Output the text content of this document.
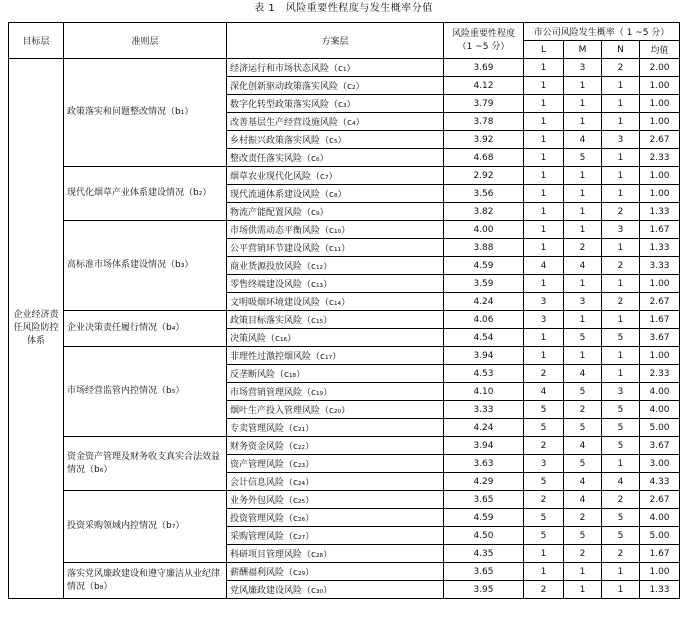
表 1　风险重要性程度与发生概率分值
目标层	准则层	方案层	风险重要性程度（1 ~5 分）	市公司风险发生概率（ 1 ~5 分）			
				L	M	N	均值
企业经济责任风险防控体系	政策落实和问题整改情况（b₁）	经济运行和市场状态风险（c₁）	3.69	1	3	2	2.00
		深化创新驱动政策落实风险（c₂）	4.12	1	1	1	1.00
		数字化转型政策落实风险（c₃）	3.79	1	1	1	1.00
		改善基层生产经营设施风险（c₄）	3.78	1	1	1	1.00
		乡村振兴政策落实风险（c₅）	3.92	1	4	3	2.67
		整改责任落实风险（c₆）	4.68	1	5	1	2.33
	现代化烟草产业体系建设情况（b₂）	烟草农业现代化风险（c₇）	2.92	1	1	1	1.00
		现代流通体系建设风险（c₈）	3.56	1	1	1	1.00
		物流产能配置风险（c₉）	3.82	1	1	2	1.33
	高标准市场体系建设情况（b₃）	市场供需动态平衡风险（c₁₀）	4.00	1	1	3	1.67
		公平营销环节建设风险（c₁₁）	3.88	1	2	1	1.33
		商业货源投放风险（c₁₂）	4.59	4	4	2	3.33
		零售终端建设风险（c₁₃）	3.59	1	1	1	1.00
		文明吸烟环境建设风险（c₁₄）	4.24	3	3	2	2.67
	企业决策责任履行情况（b₄）	政策目标落实风险（c₁₅）	4.06	3	1	1	1.67
		决策风险（c₁₆）	4.54	1	5	5	3.67
	市场经营监管内控情况（b₅）	非理性过激控烟风险（c₁₇）	3.94	1	1	1	1.00
		反垄断风险（c₁₈）	4.53	2	4	1	2.33
		市场营销管理风险（c₁₉）	4.10	4	5	3	4.00
		烟叶生产投入管理风险（c₂₀）	3.33	5	2	5	4.00
		专卖管理风险（c₂₁）	4.24	5	5	5	5.00
	资金资产管理及财务收支真实合法效益情况（b₆）	财务资金风险（c₂₂）	3.94	2	4	5	3.67
		资产管理风险（c₂₃）	3.63	3	5	1	3.00
		会计信息风险（c₂₄）	4.29	5	4	4	4.33
	投资采购领域内控情况（b₇）	业务外包风险（c₂₅）	3.65	2	4	2	2.67
		投资管理风险（c₂₆）	4.59	5	2	5	4.00
		采购管理风险（c₂₇）	4.50	5	5	5	5.00
		科研项目管理风险（c₂₈）	4.35	1	2	2	1.67
	落实党风廉政建设和遵守廉洁从业纪律情况（b₈）	薪酬福利风险（c₂₉）	3.65	1	1	1	1.00
		党风廉政建设风险（c₃₀）	3.95	2	1	1	1.33
